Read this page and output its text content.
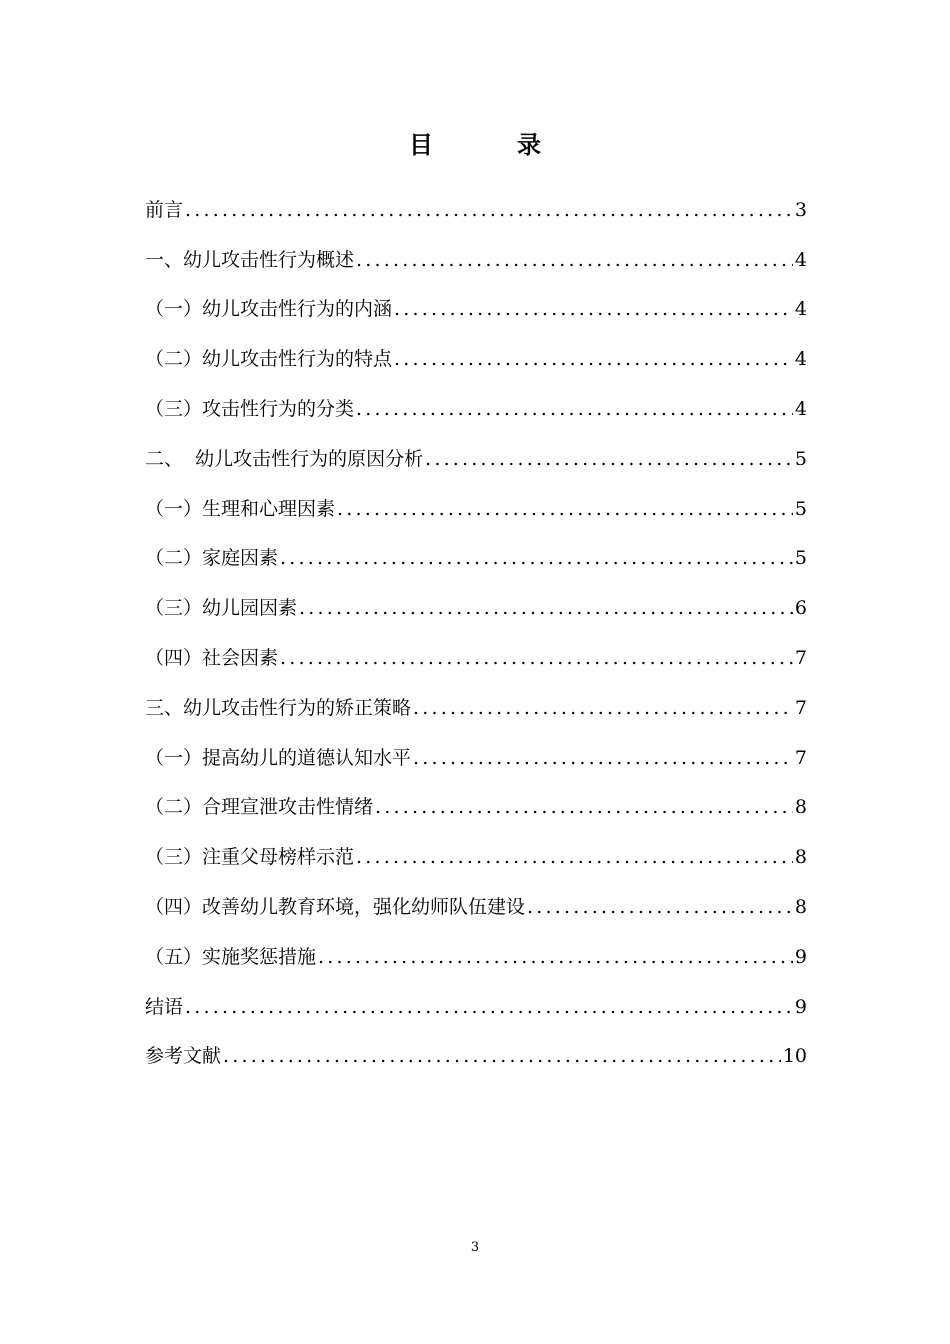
目　录
前言 .....	3
一、幼儿攻击性行为概述 .....	4
（一）幼儿攻击性行为的内涵 .....	4
（二）幼儿攻击性行为的特点 .....	4
（三）攻击性行为的分类 .....	4
二、  幼儿攻击性行为的原因分析 .....	5
（一）生理和心理因素 .....	5
（二）家庭因素 .....	5
（三）幼儿园因素 .....	6
（四）社会因素 .....	7
三、幼儿攻击性行为的矫正策略 .....	7
（一）提高幼儿的道德认知水平 .....	7
（二）合理宣泄攻击性情绪 .....	8
（三）注重父母榜样示范 .....	8
（四）改善幼儿教育环境，强化幼师队伍建设 .....	8
（五）实施奖惩措施 .....	9
结语 .....	9
参考文献 .....	10
3
